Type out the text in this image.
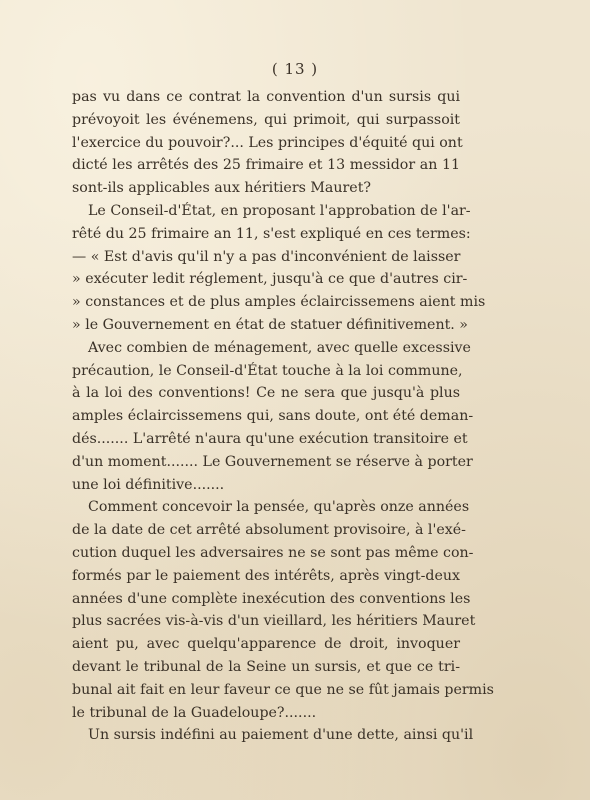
( 13 )
pas vu dans ce contrat la convention d'un sursis qui
prévoyoit les événemens, qui primoit, qui surpassoit
l'exercice du pouvoir?... Les principes d'équité qui ont
dicté les arrêtés des 25 frimaire et 13 messidor an 11
sont-ils applicables aux héritiers Mauret?
Le Conseil-d'État, en proposant l'approbation de l'ar-
rêté du 25 frimaire an 11, s'est expliqué en ces termes:
— « Est d'avis qu'il n'y a pas d'inconvénient de laisser
» exécuter ledit réglement, jusqu'à ce que d'autres cir-
» constances et de plus amples éclaircissemens aient mis
» le Gouvernement en état de statuer définitivement. »
Avec combien de ménagement, avec quelle excessive
précaution, le Conseil-d'État touche à la loi commune,
à la loi des conventions! Ce ne sera que jusqu'à plus
amples éclaircissemens qui, sans doute, ont été deman-
dés....... L'arrêté n'aura qu'une exécution transitoire et
d'un moment....... Le Gouvernement se réserve à porter
une loi définitive.......
Comment concevoir la pensée, qu'après onze années
de la date de cet arrêté absolument provisoire, à l'exé-
cution duquel les adversaires ne se sont pas même con-
formés par le paiement des intérêts, après vingt-deux
années d'une complète inexécution des conventions les
plus sacrées vis-à-vis d'un vieillard, les héritiers Mauret
aient pu, avec quelqu'apparence de droit, invoquer
devant le tribunal de la Seine un sursis, et que ce tri-
bunal ait fait en leur faveur ce que ne se fût jamais permis
le tribunal de la Guadeloupe?.......
Un sursis indéfini au paiement d'une dette, ainsi qu'il
